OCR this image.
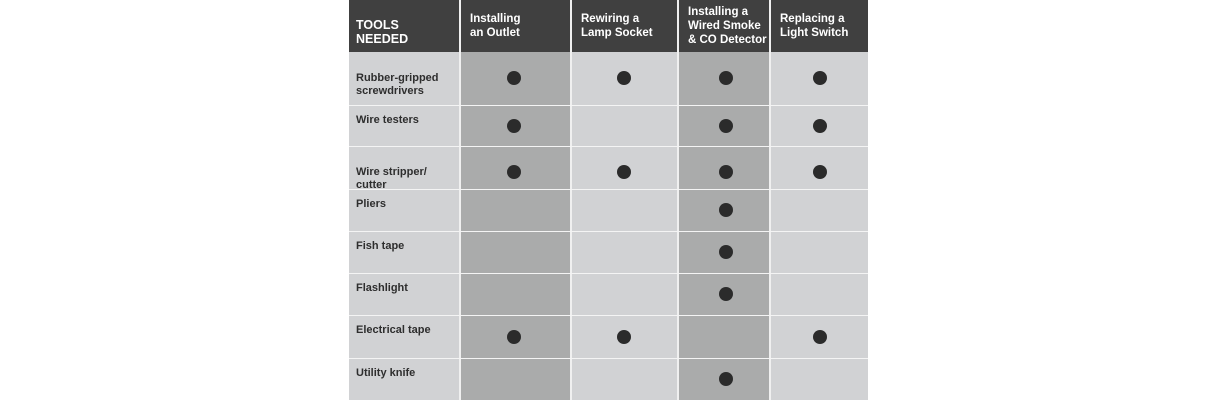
TOOLS
NEEDED
Installing
an Outlet
Rewiring a
Lamp Socket
Installing a
Wired Smoke
& CO Detector
Replacing a
Light Switch
Rubber-gripped
screwdrivers
Wire testers
Wire stripper/
cutter
Pliers
Fish tape
Flashlight
Electrical tape
Utility knife
